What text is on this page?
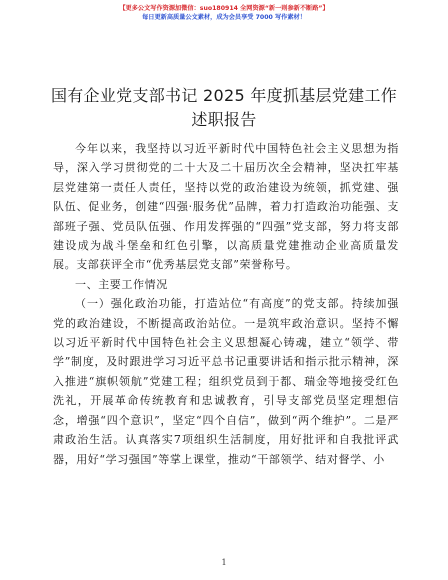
【更多公文写作资源加微信：suo180914 全网资源“新一则参新不断路”】
每日更新高质量公文素材，成为会员享受 7000 写作素材！
国有企业党支部书记 2025 年度抓基层党建工作
述职报告

今年以来，我坚持以习近平新时代中国特色社会主义思想为指导，深入学习贯彻党的二十大及二十届历次全会精神，坚决扛牢基层党建第一责任人责任，坚持以党的政治建设为统领，抓党建、强队伍、促业务，创建“四强·服务优”品牌，着力打造政治功能强、支部班子强、党员队伍强、作用发挥强的“四强”党支部，努力将支部建设成为战斗堡垒和红色引擎，以高质量党建推动企业高质量发展。支部获评全市“优秀基层党支部”荣誉称号。

一、主要工作情况

（一）强化政治功能，打造站位“有高度”的党支部。持续加强党的政治建设，不断提高政治站位。一是筑牢政治意识。坚持不懈以习近平新时代中国特色社会主义思想凝心铸魂，建立“领学、带学”制度，及时跟进学习习近平总书记重要讲话和指示批示精神，深入推进“旗帜领航”党建工程；组织党员到于都、瑞金等地接受红色洗礼，开展革命传统教育和忠诚教育，引导支部党员坚定理想信念，增强“四个意识”，坚定“四个自信”，做到“两个维护”。二是严肃政治生活。认真落实7项组织生活制度，用好批评和自我批评武器，用好“学习强国”等掌上课堂，推动“干部领学、结对督学、小

1
